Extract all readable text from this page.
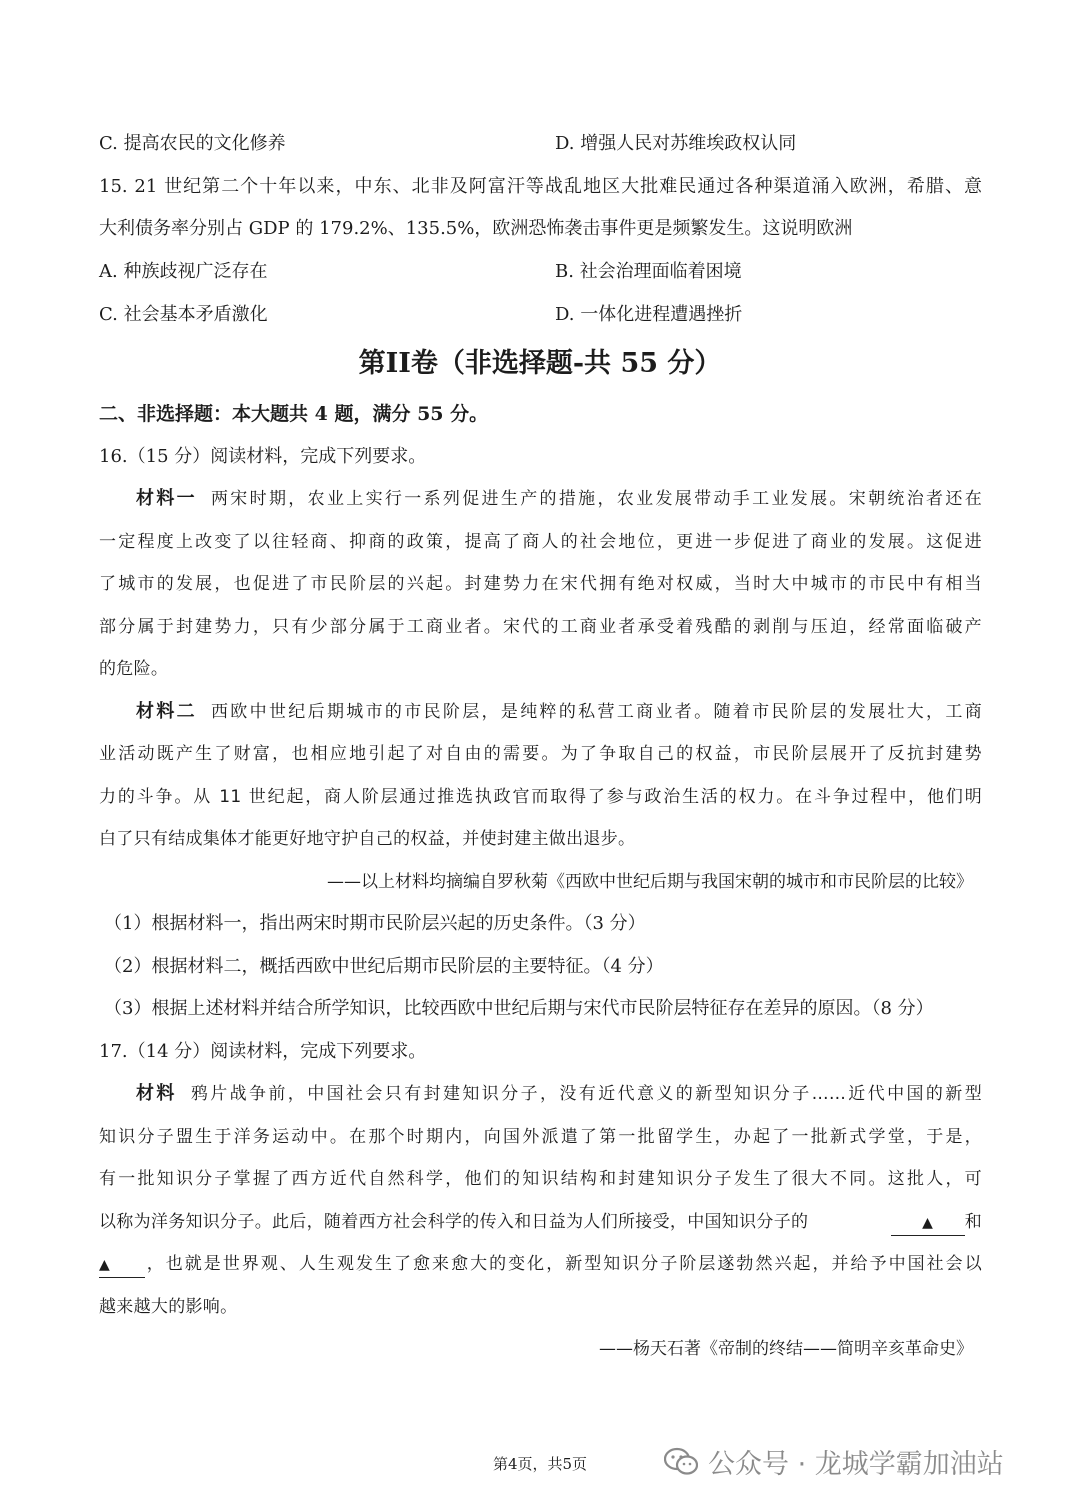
C. 提高农民的文化修养	D. 增强人民对苏维埃政权认同
15. 21 世纪第二个十年以来，中东、北非及阿富汗等战乱地区大批难民通过各种渠道涌入欧洲，希腊、意
大利债务率分别占 GDP 的 179.2%、135.5%，欧洲恐怖袭击事件更是频繁发生。这说明欧洲
A. 种族歧视广泛存在	B. 社会治理面临着困境
C. 社会基本矛盾激化	D. 一体化进程遭遇挫折
第II卷（非选择题-共 55 分）
二、非选择题：本大题共 4 题，满分 55 分。
16.（15 分）阅读材料，完成下列要求。
材料一 两宋时期，农业上实行一系列促进生产的措施，农业发展带动手工业发展。宋朝统治者还在
一定程度上改变了以往轻商、抑商的政策，提高了商人的社会地位，更进一步促进了商业的发展。这促进
了城市的发展，也促进了市民阶层的兴起。封建势力在宋代拥有绝对权威，当时大中城市的市民中有相当
部分属于封建势力，只有少部分属于工商业者。宋代的工商业者承受着残酷的剥削与压迫，经常面临破产
的危险。
材料二 西欧中世纪后期城市的市民阶层，是纯粹的私营工商业者。随着市民阶层的发展壮大，工商
业活动既产生了财富，也相应地引起了对自由的需要。为了争取自己的权益，市民阶层展开了反抗封建势
力的斗争。从 11 世纪起，商人阶层通过推选执政官而取得了参与政治生活的权力。在斗争过程中，他们明
白了只有结成集体才能更好地守护自己的权益，并使封建主做出退步。
——以上材料均摘编自罗秋菊《西欧中世纪后期与我国宋朝的城市和市民阶层的比较》
（1）根据材料一，指出两宋时期市民阶层兴起的历史条件。（3 分）
（2）根据材料二，概括西欧中世纪后期市民阶层的主要特征。（4 分）
（3）根据上述材料并结合所学知识，比较西欧中世纪后期与宋代市民阶层特征存在差异的原因。（8 分）
17.（14 分）阅读材料，完成下列要求。
材料 鸦片战争前，中国社会只有封建知识分子，没有近代意义的新型知识分子……近代中国的新型
知识分子盟生于洋务运动中。在那个时期内，向国外派遣了第一批留学生，办起了一批新式学堂，于是，
有一批知识分子掌握了西方近代自然科学，他们的知识结构和封建知识分子发生了很大不同。这批人，可
以称为洋务知识分子。此后，随着西方社会科学的传入和日益为人们所接受，中国知识分子的	▲ 和
▲ ，也就是世界观、人生观发生了愈来愈大的变化，新型知识分子阶层遂勃然兴起，并给予中国社会以
越来越大的影响。
——杨天石著《帝制的终结——简明辛亥革命史》
第4页，共5页	公众号 · 龙城学霸加油站
